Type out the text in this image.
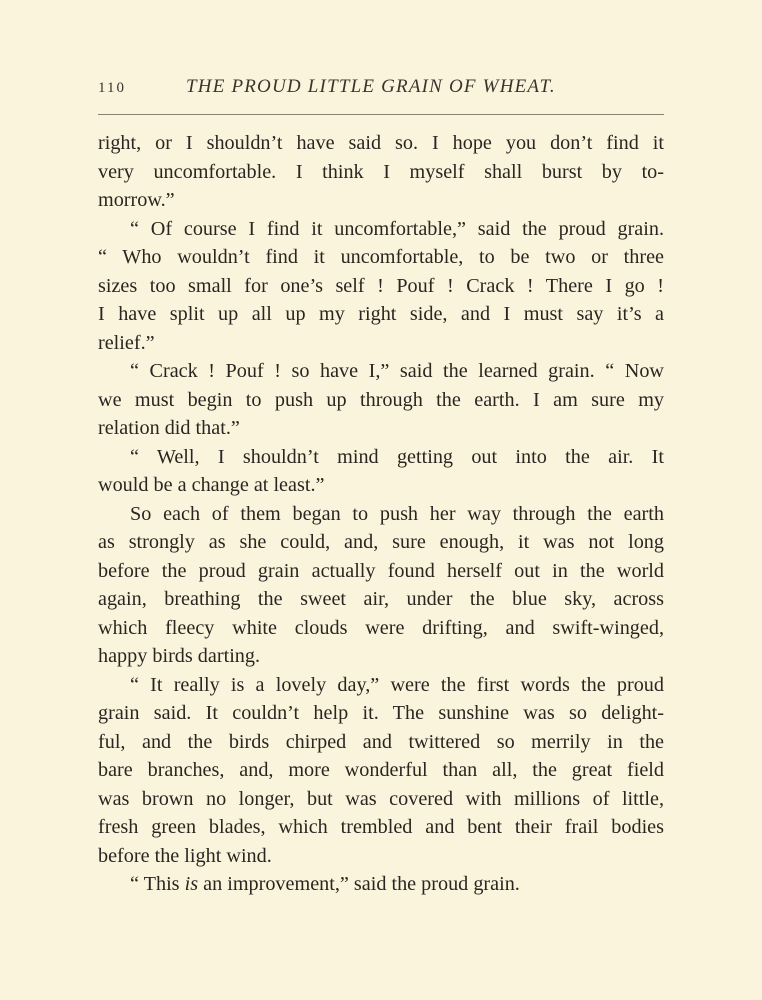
110	THE PROUD LITTLE GRAIN OF WHEAT.
right, or I shouldn’t have said so. I hope you don’t find it
very uncomfortable. I think I myself shall burst by to-
morrow.”
“ Of course I find it uncomfortable,” said the proud grain.
“ Who wouldn’t find it uncomfortable, to be two or three
sizes too small for one’s self ! Pouf ! Crack ! There I go !
I have split up all up my right side, and I must say it’s a
relief.”
“ Crack ! Pouf ! so have I,” said the learned grain. “ Now
we must begin to push up through the earth. I am sure my
relation did that.”
“ Well, I shouldn’t mind getting out into the air. It
would be a change at least.”
So each of them began to push her way through the earth
as strongly as she could, and, sure enough, it was not long
before the proud grain actually found herself out in the world
again, breathing the sweet air, under the blue sky, across
which fleecy white clouds were drifting, and swift-winged,
happy birds darting.
“ It really is a lovely day,” were the first words the proud
grain said. It couldn’t help it. The sunshine was so delight-
ful, and the birds chirped and twittered so merrily in the
bare branches, and, more wonderful than all, the great field
was brown no longer, but was covered with millions of little,
fresh green blades, which trembled and bent their frail bodies
before the light wind.
“ This is an improvement,” said the proud grain.
